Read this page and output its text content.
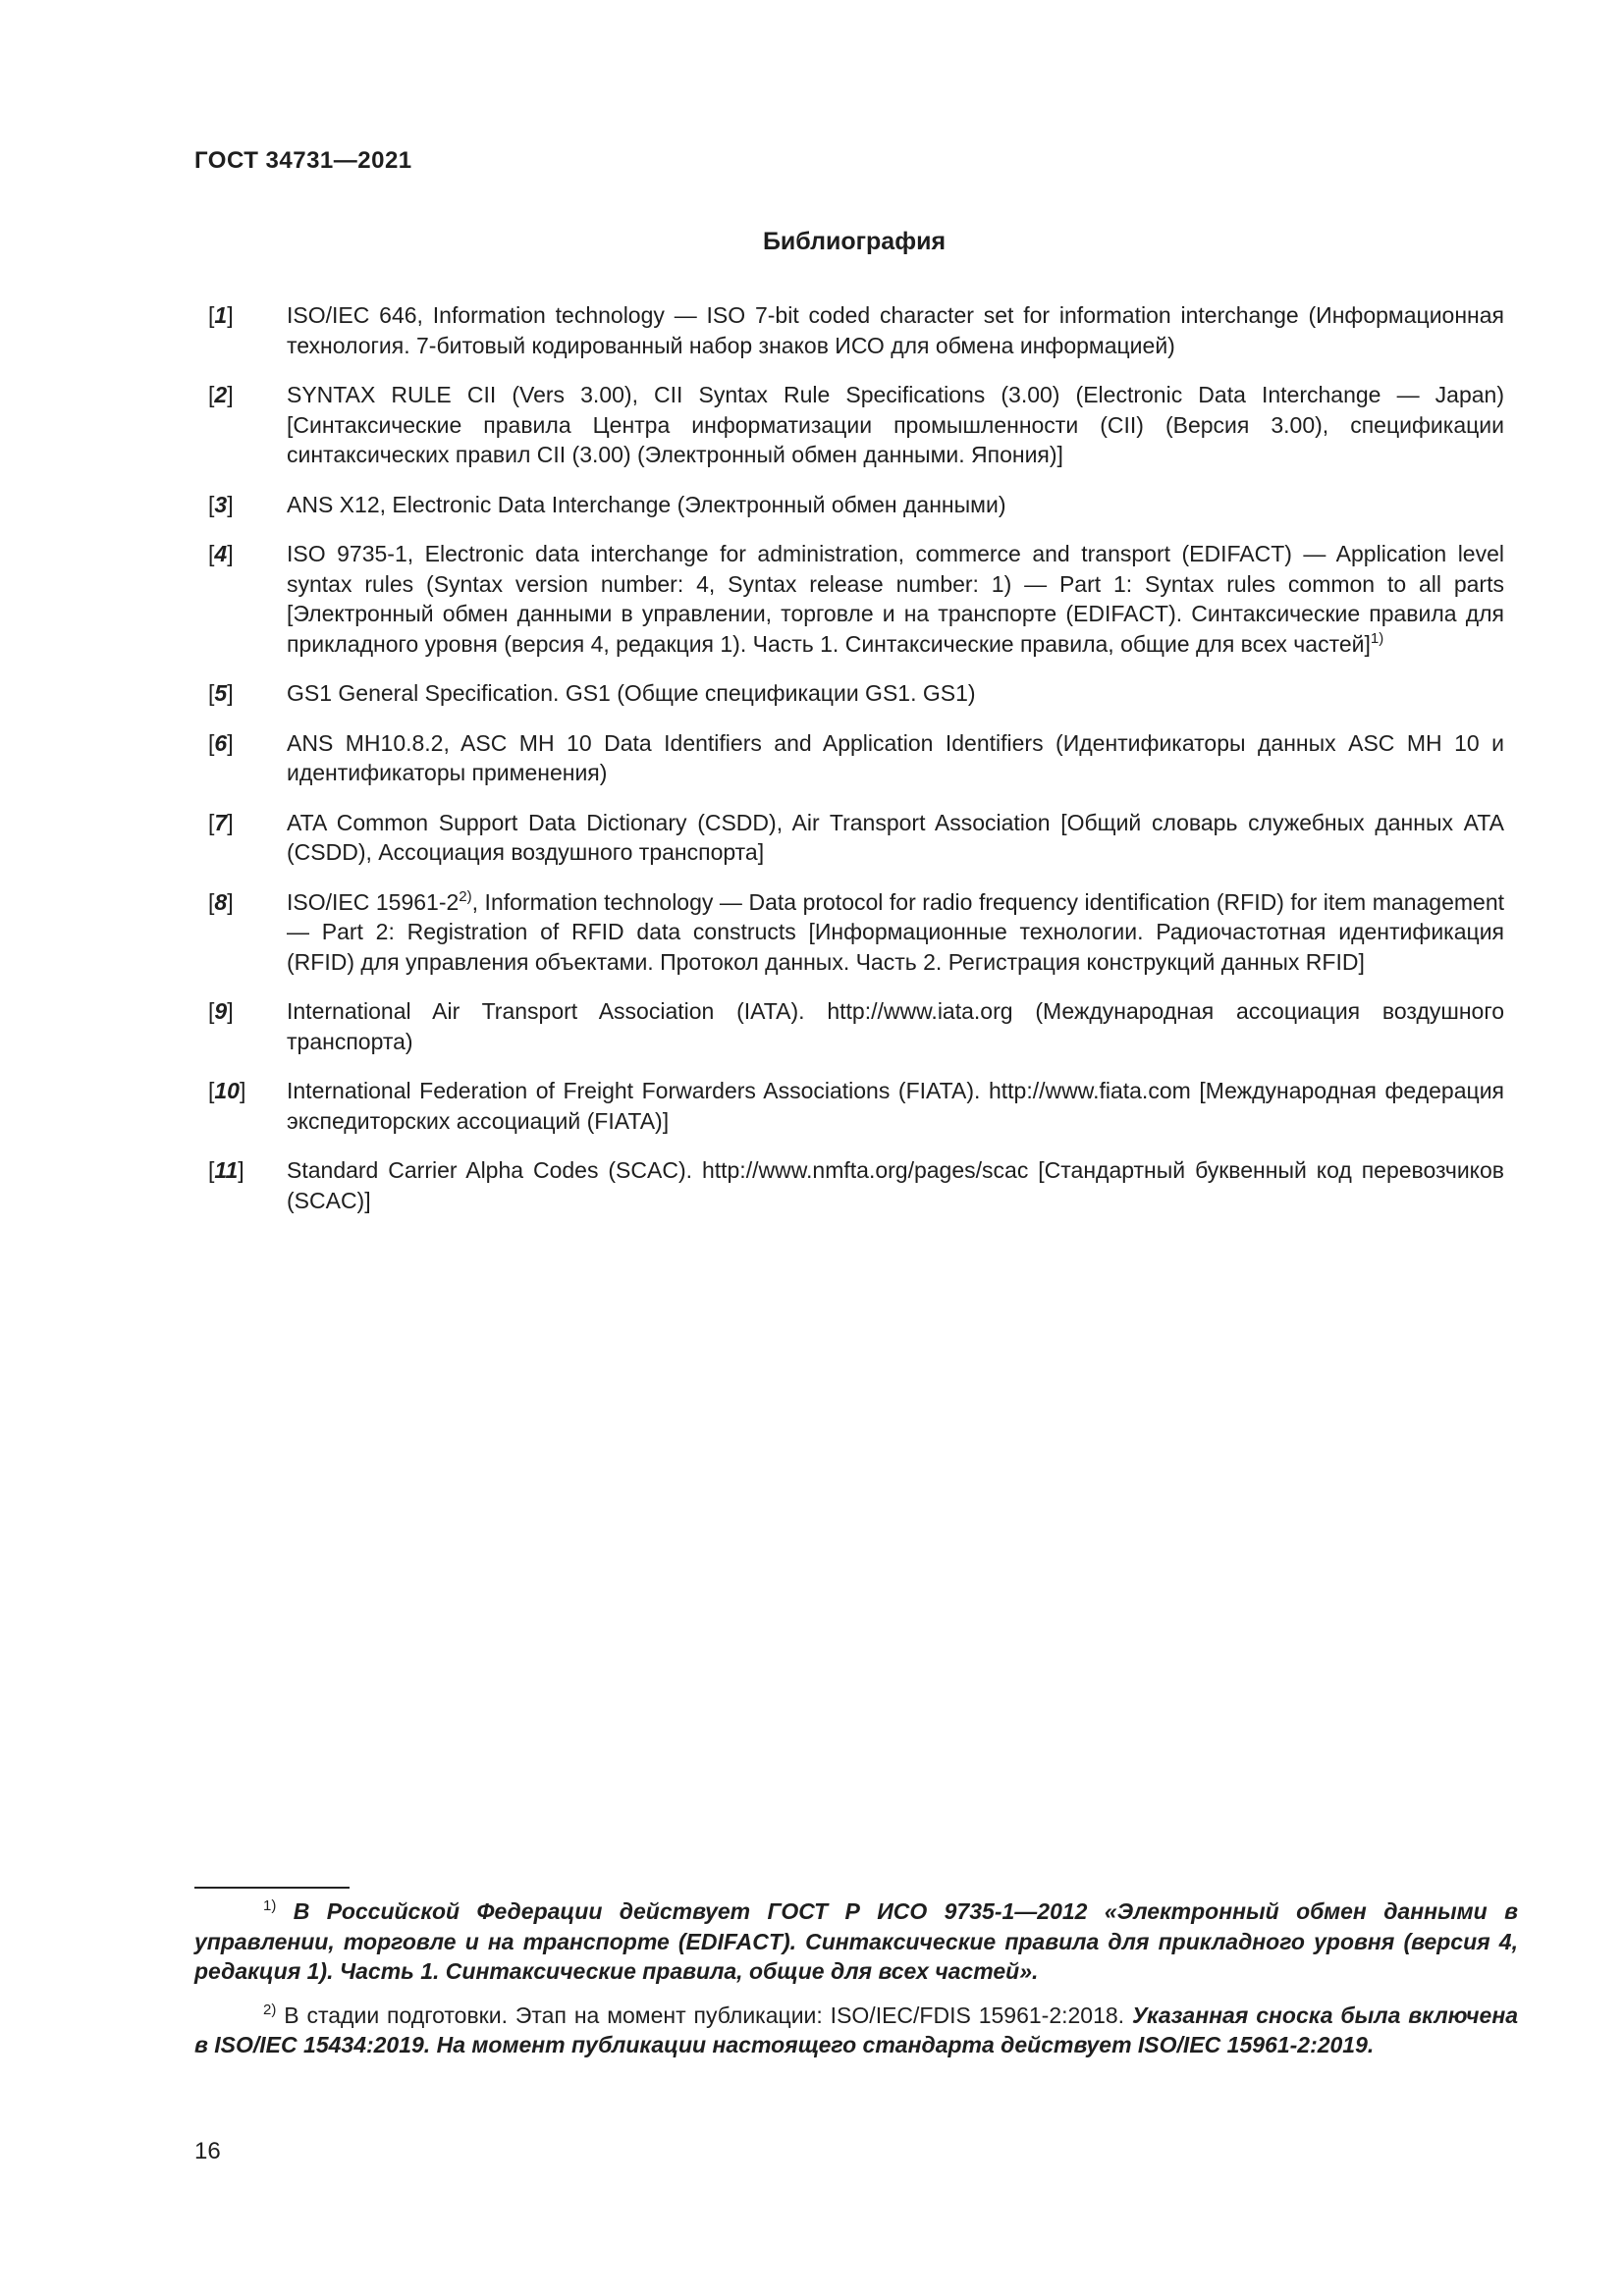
ГОСТ 34731—2021
Библиография
[1] ISO/IEC 646, Information technology — ISO 7-bit coded character set for information interchange (Информационная технология. 7-битовый кодированный набор знаков ИСО для обмена информацией)
[2] SYNTAX RULE CII (Vers 3.00), CII Syntax Rule Specifications (3.00) (Electronic Data Interchange — Japan) [Синтаксические правила Центра информатизации промышленности (CII) (Версия 3.00), спецификации синтаксических правил CII (3.00) (Электронный обмен данными. Япония)]
[3] ANS X12, Electronic Data Interchange (Электронный обмен данными)
[4] ISO 9735-1, Electronic data interchange for administration, commerce and transport (EDIFACT) — Application level syntax rules (Syntax version number: 4, Syntax release number: 1) — Part 1: Syntax rules common to all parts [Электронный обмен данными в управлении, торговле и на транспорте (EDIFACT). Синтаксические правила для прикладного уровня (версия 4, редакция 1). Часть 1. Синтаксические правила, общие для всех частей]$^{1)}$
[5] GS1 General Specification. GS1 (Общие спецификации GS1. GS1)
[6] ANS MH10.8.2, ASC MH 10 Data Identifiers and Application Identifiers (Идентификаторы данных ASC MH 10 и идентификаторы применения)
[7] ATA Common Support Data Dictionary (CSDD), Air Transport Association [Общий словарь служебных данных ATA (CSDD), Ассоциация воздушного транспорта]
[8] ISO/IEC 15961-2$^{2)}$, Information technology — Data protocol for radio frequency identification (RFID) for item management — Part 2: Registration of RFID data constructs [Информационные технологии. Радиочастотная идентификация (RFID) для управления объектами. Протокол данных. Часть 2. Регистрация конструкций данных RFID]
[9] International Air Transport Association (IATA). http://www.iata.org (Международная ассоциация воздушного транспорта)
[10] International Federation of Freight Forwarders Associations (FIATA). http://www.fiata.com [Международная федерация экспедиторских ассоциаций (FIATA)]
[11] Standard Carrier Alpha Codes (SCAC). http://www.nmfta.org/pages/scac [Стандартный буквенный код перевозчиков (SCAC)]

$^{1)}$ В Российской Федерации действует ГОСТ Р ИСО 9735-1—2012 «Электронный обмен данными в управлении, торговле и на транспорте (EDIFACT). Синтаксические правила для прикладного уровня (версия 4, редакция 1). Часть 1. Синтаксические правила, общие для всех частей».

$^{2)}$ В стадии подготовки. Этап на момент публикации: ISO/IEC/FDIS 15961-2:2018. Указанная сноска была включена в ISO/IEC 15434:2019. На момент публикации настоящего стандарта действует ISO/IEC 15961-2:2019.

16
